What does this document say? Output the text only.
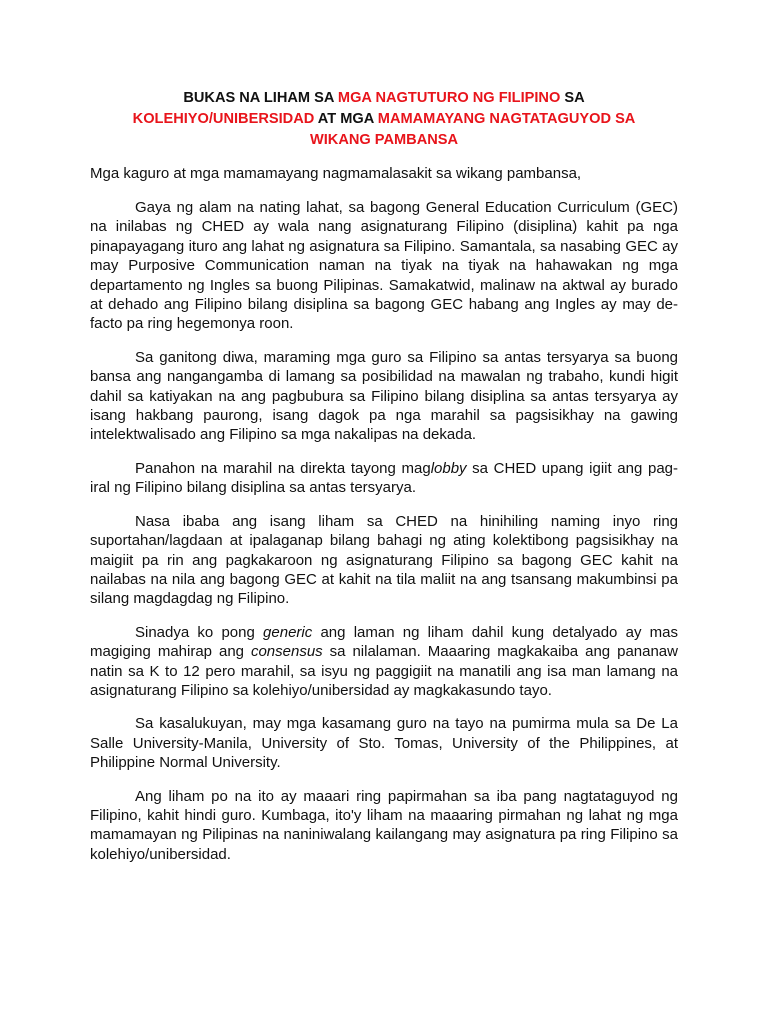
BUKAS NA LIHAM SA MGA NAGTUTURO NG FILIPINO SA
KOLEHIYO/UNIBERSIDAD AT MGA MAMAMAYANG NAGTATAGUYOD SA
WIKANG PAMBANSA

Mga kaguro at mga mamamayang nagmamalasakit sa wikang pambansa,

Gaya ng alam na nating lahat, sa bagong General Education Curriculum (GEC) na inilabas ng CHED ay wala nang asignaturang Filipino (disiplina) kahit pa nga pinapayagang ituro ang lahat ng asignatura sa Filipino. Samantala, sa nasabing GEC ay may Purposive Communication naman na tiyak na tiyak na hahawakan ng mga departamento ng Ingles sa buong Pilipinas. Samakatwid, malinaw na aktwal ay burado at dehado ang Filipino bilang disiplina sa bagong GEC habang ang Ingles ay may de-facto pa ring hegemonya roon.

Sa ganitong diwa, maraming mga guro sa Filipino sa antas tersyarya sa buong bansa ang nangangamba di lamang sa posibilidad na mawalan ng trabaho, kundi higit dahil sa katiyakan na ang pagbubura sa Filipino bilang disiplina sa antas tersyarya ay isang hakbang paurong, isang dagok pa nga marahil sa pagsisikhay na gawing intelektwalisado ang Filipino sa mga nakalipas na dekada.

Panahon na marahil na direkta tayong maglobby sa CHED upang igiit ang pag-iral ng Filipino bilang disiplina sa antas tersyarya.

Nasa ibaba ang isang liham sa CHED na hinihiling naming inyo ring suportahan/lagdaan at ipalaganap bilang bahagi ng ating kolektibong pagsisikhay na maigiit pa rin ang pagkakaroon ng asignaturang Filipino sa bagong GEC kahit na nailabas na nila ang bagong GEC at kahit na tila maliit na ang tsansang makumbinsi pa silang magdagdag ng Filipino.

Sinadya ko pong generic ang laman ng liham dahil kung detalyado ay mas magiging mahirap ang consensus sa nilalaman. Maaaring magkakaiba ang pananaw natin sa K to 12 pero marahil, sa isyu ng paggigiit na manatili ang isa man lamang na asignaturang Filipino sa kolehiyo/unibersidad ay magkakasundo tayo.

Sa kasalukuyan, may mga kasamang guro na tayo na pumirma mula sa De La Salle University-Manila, University of Sto. Tomas, University of the Philippines, at Philippine Normal University.

Ang liham po na ito ay maaari ring papirmahan sa iba pang nagtataguyod ng Filipino, kahit hindi guro. Kumbaga, ito'y liham na maaaring pirmahan ng lahat ng mga mamamayan ng Pilipinas na naniniwalang kailangang may asignatura pa ring Filipino sa kolehiyo/unibersidad.
